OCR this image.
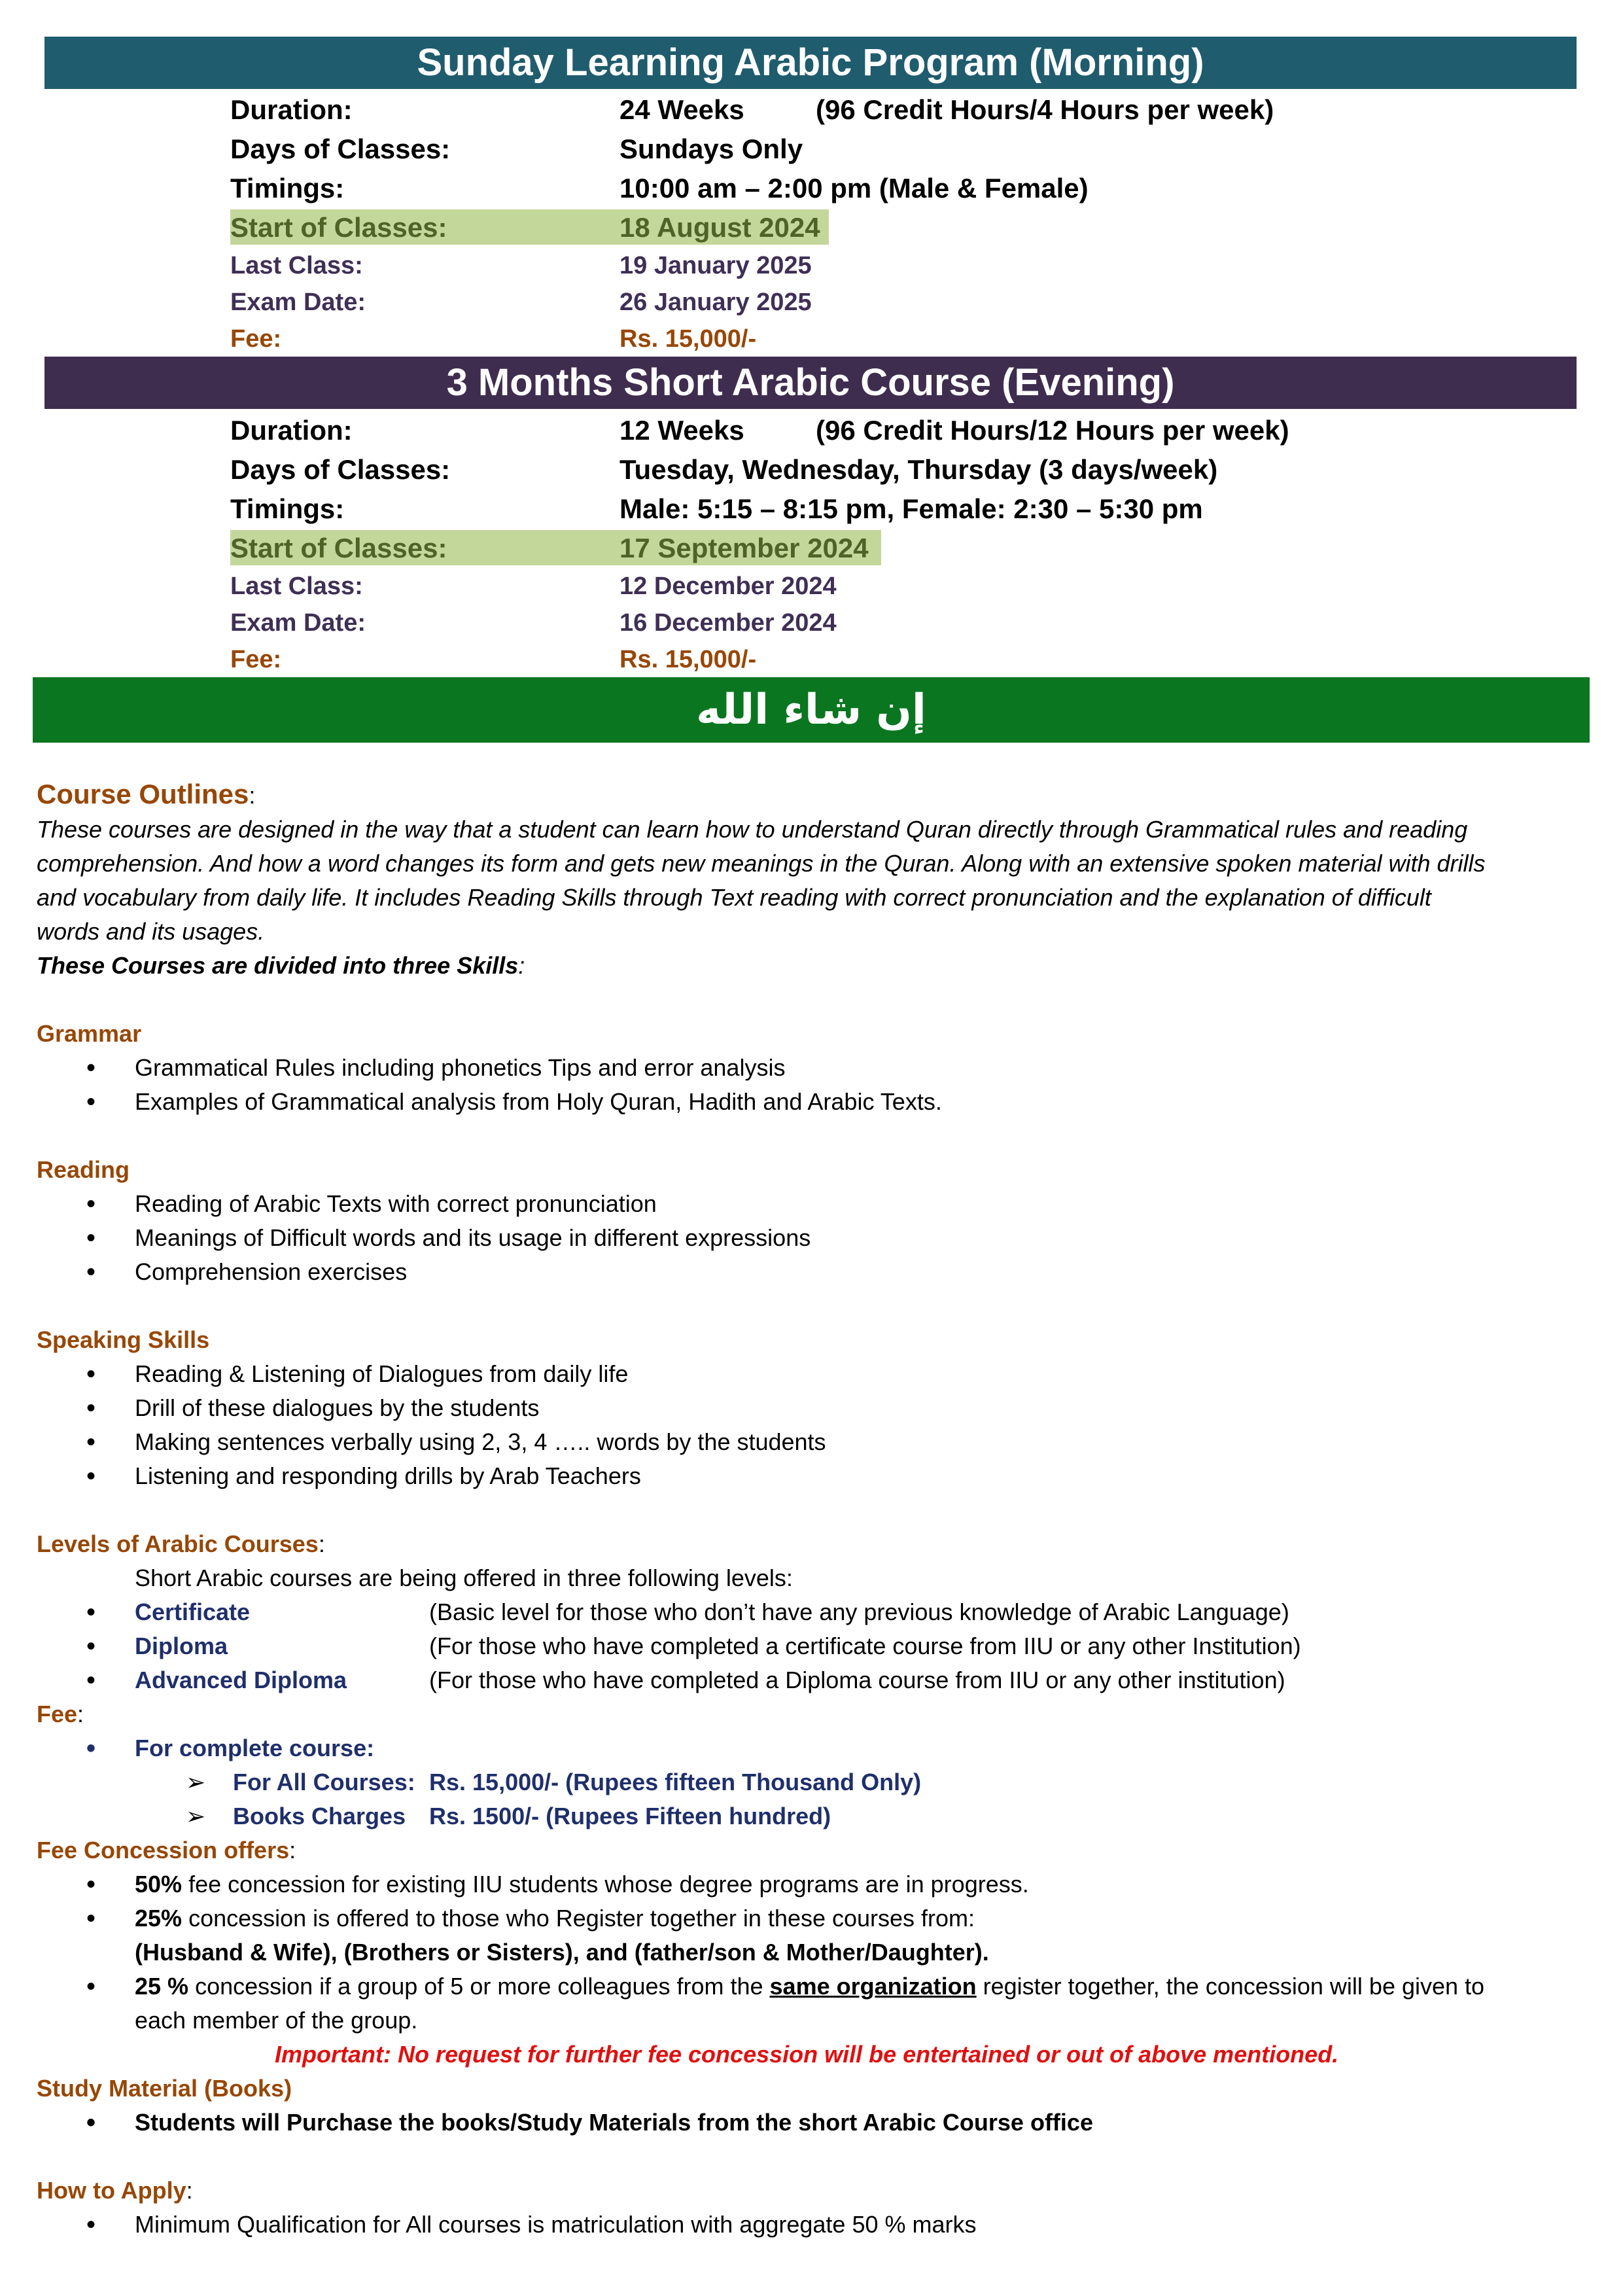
Sunday Learning Arabic Program (Morning)
Duration:	24 Weeks	(96 Credit Hours/4 Hours per week)
Days of Classes:	Sundays Only
Timings:	10:00 am – 2:00 pm (Male & Female)
Start of Classes:	18 August 2024
Last Class:	19 January 2025
Exam Date:	26 January 2025
Fee:	Rs. 15,000/-
3 Months Short Arabic Course (Evening)
Duration:	12 Weeks	(96 Credit Hours/12 Hours per week)
Days of Classes:	Tuesday, Wednesday, Thursday (3 days/week)
Timings:	Male: 5:15 – 8:15 pm, Female: 2:30 – 5:30 pm
Start of Classes:	17 September 2024
Last Class:	12 December 2024
Exam Date:	16 December 2024
Fee:	Rs. 15,000/-
إن شاء الله
Course Outlines:
These courses are designed in the way that a student can learn how to understand Quran directly through Grammatical rules and reading
comprehension. And how a word changes its form and gets new meanings in the Quran. Along with an extensive spoken material with drills
and vocabulary from daily life. It includes Reading Skills through Text reading with correct pronunciation and the explanation of difficult
words and its usages.
These Courses are divided into three Skills:
Grammar
• Grammatical Rules including phonetics Tips and error analysis
• Examples of Grammatical analysis from Holy Quran, Hadith and Arabic Texts.
Reading
• Reading of Arabic Texts with correct pronunciation
• Meanings of Difficult words and its usage in different expressions
• Comprehension exercises
Speaking Skills
• Reading & Listening of Dialogues from daily life
• Drill of these dialogues by the students
• Making sentences verbally using 2, 3, 4 ….. words by the students
• Listening and responding drills by Arab Teachers
Levels of Arabic Courses:
Short Arabic courses are being offered in three following levels:
• Certificate	(Basic level for those who don’t have any previous knowledge of Arabic Language)
• Diploma	(For those who have completed a certificate course from IIU or any other Institution)
• Advanced Diploma	(For those who have completed a Diploma course from IIU or any other institution)
Fee:
• For complete course:
➢ For All Courses: Rs. 15,000/- (Rupees fifteen Thousand Only)
➢ Books Charges Rs. 1500/- (Rupees Fifteen hundred)
Fee Concession offers:
• 50% fee concession for existing IIU students whose degree programs are in progress.
• 25% concession is offered to those who Register together in these courses from:
(Husband & Wife), (Brothers or Sisters), and (father/son & Mother/Daughter).
• 25 % concession if a group of 5 or more colleagues from the same organization register together, the concession will be given to
each member of the group.
Important: No request for further fee concession will be entertained or out of above mentioned.
Study Material (Books)
• Students will Purchase the books/Study Materials from the short Arabic Course office
How to Apply:
• Minimum Qualification for All courses is matriculation with aggregate 50 % marks
